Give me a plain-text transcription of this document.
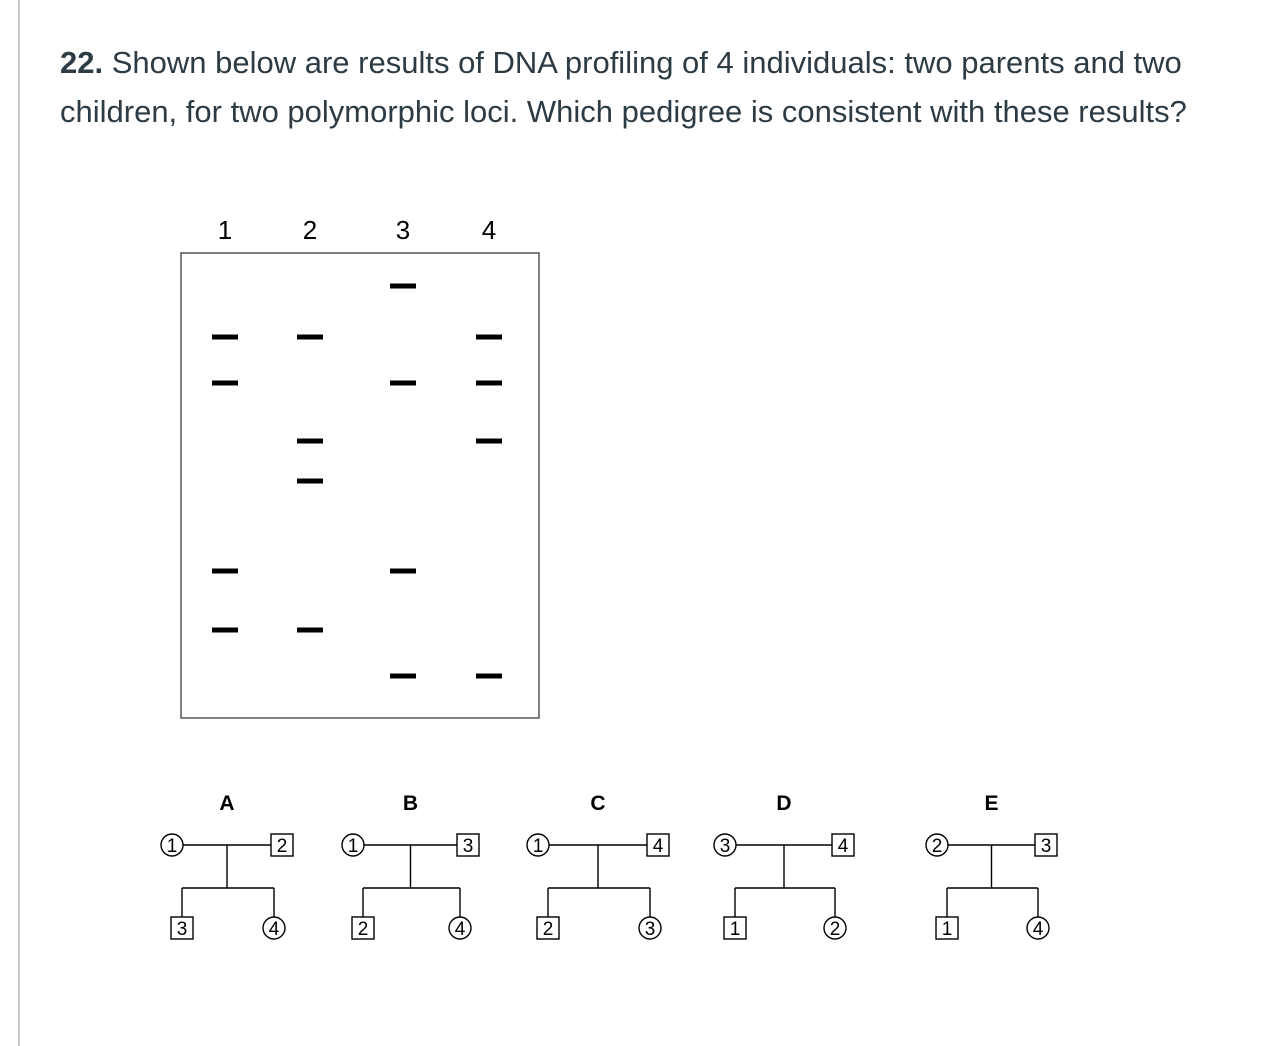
22. Shown below are results of DNA profiling of 4 individuals: two parents and two children, for two polymorphic loci. Which pedigree is consistent with these results?
1	2	3	4
A
1	2
3	4
B
1	3
2	4
C
1	4
2	3
D
3	4
1	2
E
2	3
1	4
